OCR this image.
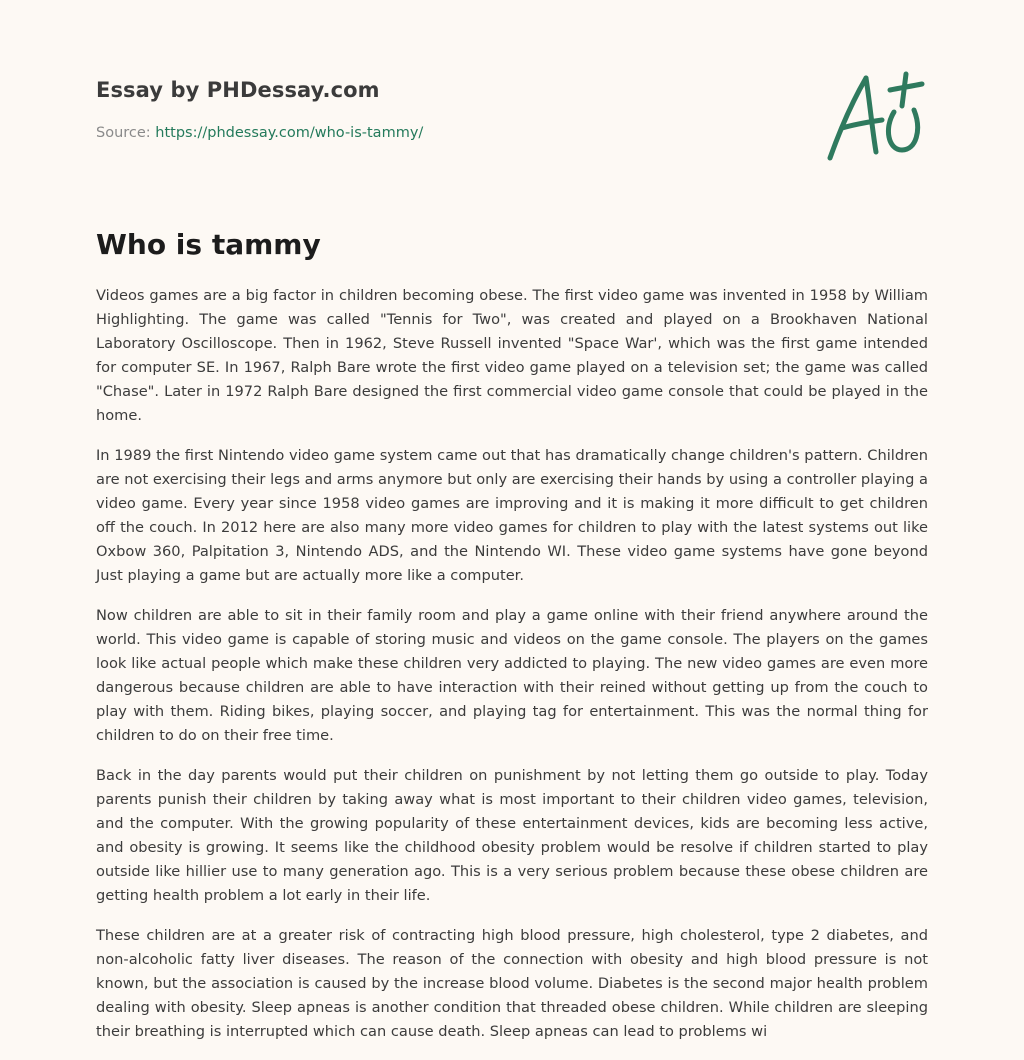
Essay by PHDessay.com
Source: https://phdessay.com/who-is-tammy/
Who is tammy

Videos games are a big factor in children becoming obese. The first video game was invented in 1958 by William Highlighting. The game was called "Tennis for Two", was created and played on a Brookhaven National Laboratory Oscilloscope. Then in 1962, Steve Russell invented "Space War', which was the first game intended for computer SE. In 1967, Ralph Bare wrote the first video game played on a television set; the game was called "Chase". Later in 1972 Ralph Bare designed the first commercial video game console that could be played in the home.

In 1989 the first Nintendo video game system came out that has dramatically change children's pattern. Children are not exercising their legs and arms anymore but only are exercising their hands by using a controller playing a video game. Every year since 1958 video games are improving and it is making it more difficult to get children off the couch. In 2012 here are also many more video games for children to play with the latest systems out like Oxbow 360, Palpitation 3, Nintendo ADS, and the Nintendo WI. These video game systems have gone beyond Just playing a game but are actually more like a computer.

Now children are able to sit in their family room and play a game online with their friend anywhere around the world. This video game is capable of storing music and videos on the game console. The players on the games look like actual people which make these children very addicted to playing. The new video games are even more dangerous because children are able to have interaction with their reined without getting up from the couch to play with them. Riding bikes, playing soccer, and playing tag for entertainment. This was the normal thing for children to do on their free time.

Back in the day parents would put their children on punishment by not letting them go outside to play. Today parents punish their children by taking away what is most important to their children video games, television, and the computer. With the growing popularity of these entertainment devices, kids are becoming less active, and obesity is growing. It seems like the childhood obesity problem would be resolve if children started to play outside like hillier use to many generation ago. This is a very serious problem because these obese children are getting health problem a lot early in their life.

These children are at a greater risk of contracting high blood pressure, high cholesterol, type 2 diabetes, and non-alcoholic fatty liver diseases. The reason of the connection with obesity and high blood pressure is not known, but the association is caused by the increase blood volume. Diabetes is the second major health problem dealing with obesity. Sleep apneas is another condition that threaded obese children. While children are sleeping their breathing is interrupted which can cause death. Sleep apneas can lead to problems wi
